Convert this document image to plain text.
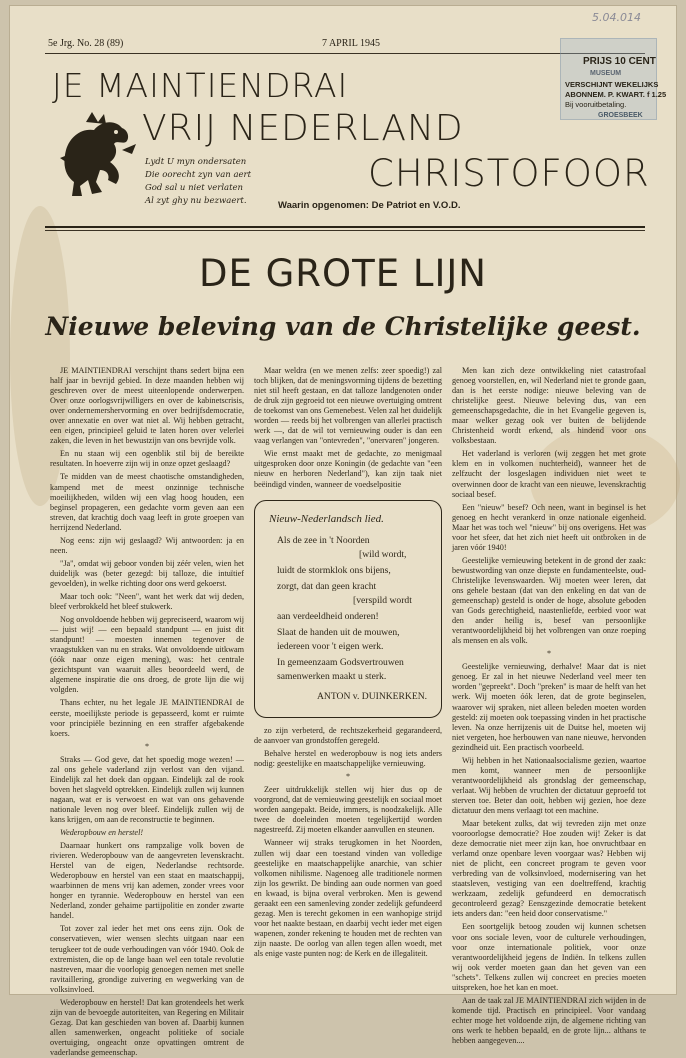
5.04.014
5e Jrg. No. 28 (89)	7 APRIL 1945
PRIJS 10 CENT
MUSEUM
VERSCHIJNT WEKELIJKS
ABONNEM. P. KWART. f 1.25
Bij vooruitbetaling.
GROESBEEK
JE MAINTIENDRAI
VRIJ NEDERLAND
CHRISTOFOOR
Lydt U myn ondersaten
Die oorecht zyn van aert
God sal u niet verlaten
Al zyt ghy nu bezwaert.	Waarin opgenomen: De Patriot en V.O.D.
DE GROTE LIJN
Nieuwe beleving van de Christelijke geest.

JE MAINTIENDRAI verschijnt thans sedert bijna een half jaar in bevrijd gebied. In deze maanden hebben wij geschreven over de meest uiteenlopende onderwerpen. Over onze oorlogsvrijwilligers en over de kabinetscrisis, over ondernemershervorming en over bedrijfsdemocratie, over annexatie en over wat niet al. Wij hebben getracht, een eigen, principieel geluid te laten horen over velerlei zaken, die leven in het bewustzijn van ons bevrijde volk.

En nu staan wij een ogenblik stil bij de bereikte resultaten. In hoeverre zijn wij in onze opzet geslaagd?

Te midden van de meest chaotische omstandigheden, kampend met de meest onzinnige technische moeilijkheden, wilden wij een vlag hoog houden, een beginsel propageren, een gedachte vorm geven aan een streven, dat krachtig doch vaag leeft in grote groepen van herrijzend Nederland.

Nog eens: zijn wij geslaagd? Wij antwoorden: ja en neen.

"Ja", omdat wij geboor vonden bij zéér velen, wien het duidelijk was (beter gezegd: bij talloze, die intuïtief gevoelden), in welke richting door ons werd gekoerst.

Maar toch ook: "Neen", want het werk dat wij deden, bleef verbrokkeld het bleef stukwerk.

Nog onvoldoende hebben wij gepreciseerd, waarom wij — juist wij! — een bepaald standpunt — en juist dit standpunt! — moesten innemen tegenover de vraagstukken van nu en straks. Wat onvoldoende uitkwam (óók naar onze eigen mening), was: het centrale gezichtspunt van waaruit alles beoordeeld werd, de algemene inspiratie die ons droeg, de grote lijn die wij volgden.

Thans echter, nu het legale JE MAINTIENDRAI de eerste, moeilijkste periode is gepasseerd, komt er ruimte voor principiële bezinning en een straffer afgebakende koers.

*

Straks — God geve, dat het spoedig moge wezen! — zal ons gehele vaderland zijn verlost van den vijand. Eindelijk zal het doek dan opgaan. Eindelijk zal de rook boven het slagveld optrekken. Eindelijk zullen wij kunnen nagaan, wat er is verwoest en wat van ons gehavende nationale leven nog over bleef. Eindelijk zullen wij de kans krijgen, om aan de reconstructie te beginnen.

Wederopbouw en herstel!

Daarnaar hunkert ons rampzalige volk boven de rivieren. Wederopbouw van de aangevreten levenskracht. Herstel van de eigen, Nederlandse rechtsorde. Wederopbouw en herstel van een staat en maatschappij, waarbinnen de mens vrij kan ademen, zonder vrees voor honger en tyrannie. Wederopbouw en herstel van een Nederland, zonder gehaime partijpolitie en zonder zwarte handel.

Tot zover zal ieder het met ons eens zijn. Ook de conservatieven, wier wensen slechts uitgaan naar een terugkeer tot de oude verhoudingen van vóór 1940. Ook de extremisten, die op de lange baan wel een totale revolutie nastreven, maar die voorlopig genoegen nemen met snelle ravitaillering, grondige zuivering en wegwerking van de volksinvloed.

Wederopbouw en herstel! Dat kan grotendeels het werk zijn van de bevoegde autoriteiten, van Regering en Militair Gezag. Dat kan geschieden van boven af. Daarbij kunnen allen samenwerken, ongeacht politieke of sociale overtuiging, ongeacht onze opvattingen omtrent de vaderlandse gemeenschap.

Maar weldra (en we menen zelfs: zeer spoedig!) zal toch blijken, dat de meningsvorming tijdens de bezetting niet stil heeft gestaan, en dat talloze landgenoten onder de druk zijn gegroeid tot een nieuwe overtuiging omtrent de toekomst van ons Gemenebest. Velen zal het duidelijk worden — reeds bij het volbrengen van allerlei practisch werk —, dat de wil tot vernieuwing ouder is dan een vaag verlangen van "ontevreden", "onervaren" jongeren.

Wie ernst maakt met de gedachte, zo menigmaal uitgesproken door onze Koningin (de gedachte van "een nieuw en herboren Nederland"), kan zijn taak niet beëindigd vinden, wanneer de voedselpositie

Nieuw-Nederlandsch lied.
Als de zee in 't Noorden
[wild wordt,
luidt de stormklok ons bijens,
zorgt, dat dan geen kracht
[verspild wordt
aan verdeeldheid onderen!
Slaat de handen uit de mouwen,
iedereen voor 't eigen werk.
In gemeenzaam Godsvertrouwen
samenwerken maakt u sterk.
ANTON v. DUINKERKEN.

zo zijn verbeterd, de rechtszekerheid gegarandeerd, de aanvoer van grondstoffen geregeld.

Behalve herstel en wederopbouw is nog iets anders nodig: geestelijke en maatschappelijke vernieuwing.

*

Zeer uitdrukkelijk stellen wij hier dus op de voorgrond, dat de vernieuwing geestelijk en sociaal moet worden aangepakt. Beide, immers, is noodzakelijk. Alle twee de doeleinden moeten tegelijkertijd worden nagestreefd. Zij moeten elkander aanvullen en steunen.

Wanneer wij straks terugkomen in het Noorden, zullen wij daar een toestand vinden van volledige geestelijke en maatschappelijke anarchie, van schier volkomen nihilisme. Nagenoeg alle traditionele normen zijn los gewrikt. De binding aan oude normen van goed en kwaad, is bijna overal verbroken. Men is gewend geraakt een een samenleving zonder zedelijk gefundeerd gezag. Men is terecht gekomen in een wanhopige strijd voor het naakte bestaan, en daarbij vecht ieder met eigen wapenen, zonder rekening te houden met de rechten van zijn naaste. De oorlog van allen tegen allen woedt, met als enige vaste punten nog: de Kerk en de illegaliteit.

Men kan zich deze ontwikkeling niet catastrofaal genoeg voorstellen, en, wil Nederland niet te gronde gaan, dan is het eerste nodige: nieuwe beleving van de christelijke geest. Nieuwe beleving dus, van een gemeenschapsgedachte, die in het Evangelie gegeven is, maar welker gezag ook ver buiten de belijdende Christenheid wordt erkend, als hindend voor ons volksbestaan.

Het vaderland is verloren (wij zeggen het met grote klem en in volkomen nuchterheid), wanneer het de zelfzucht der losgeslagen individuen niet weet te overwinnen door de kracht van een nieuwe, levenskrachtig sociaal besef.

Een "nieuw" besef? Och neen, want in beginsel is het genoeg en hecht verankerd in onze nationale eigenheid. Maar het was toch wel "nieuw" bij ons overigens. Het was voor het sfeer, dat het zich niet heeft uit ontbroken in de jaren vóór 1940!

Geestelijke vernieuwing betekent in de grond der zaak: bewustwording van onze diepste en fundamenteelste, oud-Christelijke levenswaarden. Wij moeten weer leren, dat ons gehele bestaan (dat van den enkeling en dat van de gemeenschap) gesteld is onder de hoge, absolute geboden van Gods gerechtigheid, naastenliefde, eerbied voor wat den ander heilig is, besef van persoonlijke verantwoordelijkheid bij het volbrengen van onze roeping als mensen en als volk.

*

Geestelijke vernieuwing, derhalve! Maar dat is niet genoeg. Er zal in het nieuwe Nederland veel meer ten worden "gepreekt". Doch "preken" is maar de helft van het werk. Wij moeten óók leren, dat de grote beginselen, waarover wij spraken, niet alleen beleden moeten worden gesteld: zij moeten ook toepassing vinden in het practische leven. Na onze herrijzenis uit de Duitse hel, moeten wij niet vergeten, hoe herbouwen van nane nieuwe, hervonden gezindheid uit. Een practisch voorbeeld.

Wij hebben in het Nationaalsocialisme gezien, waartoe men komt, wanneer men de persoonlijke verantwoordelijkheid als grondslag der gemeenschap, verlaat. Wij hebben de vruchten der dictatuur geproefd tot sterven toe. Beter dan ooit, hebben wij gezien, hoe deze dictatuur den mens verlaagt tot een machine.

Maar betekent zulks, dat wij tevreden zijn met onze vooroorlogse democratie? Hoe zouden wij! Zeker is dat deze democratie niet meer zijn kan, hoe onvruchtbaar en verlamd onze openbare leven voorgaar was? Hebben wij niet de plicht, een concreet program te geven voor verbreding van de volksinvloed, modernisering van het staatsleven, vestiging van een doeltreffend, krachtig werkzaam, zedelijk gefundeerd en democratisch gecontroleerd gezag? Eenszgezinde democratie betekent iets anders dan: "een heid door conservatisme."

Een soortgelijk betoog zouden wij kunnen schetsen voor ons sociale leven, voor de culturele verhoudingen, voor onze internationale politiek, voor onze verantwoordelijkheid jegens de Indiën. In telkens zullen wij ook verder moeten gaan dan het geven van een "schets". Telkens zullen wij concreet en precies moeten uitspreken, hoe het kan en moet.

Aan de taak zal JE MAINTIENDRAI zich wijden in de komende tijd. Practisch en principieel. Voor vandaag echter moge het voldoende zijn, de algemene richting van ons werk te hebben bepaald, en de grote lijn... althans te hebben aangegeven....
